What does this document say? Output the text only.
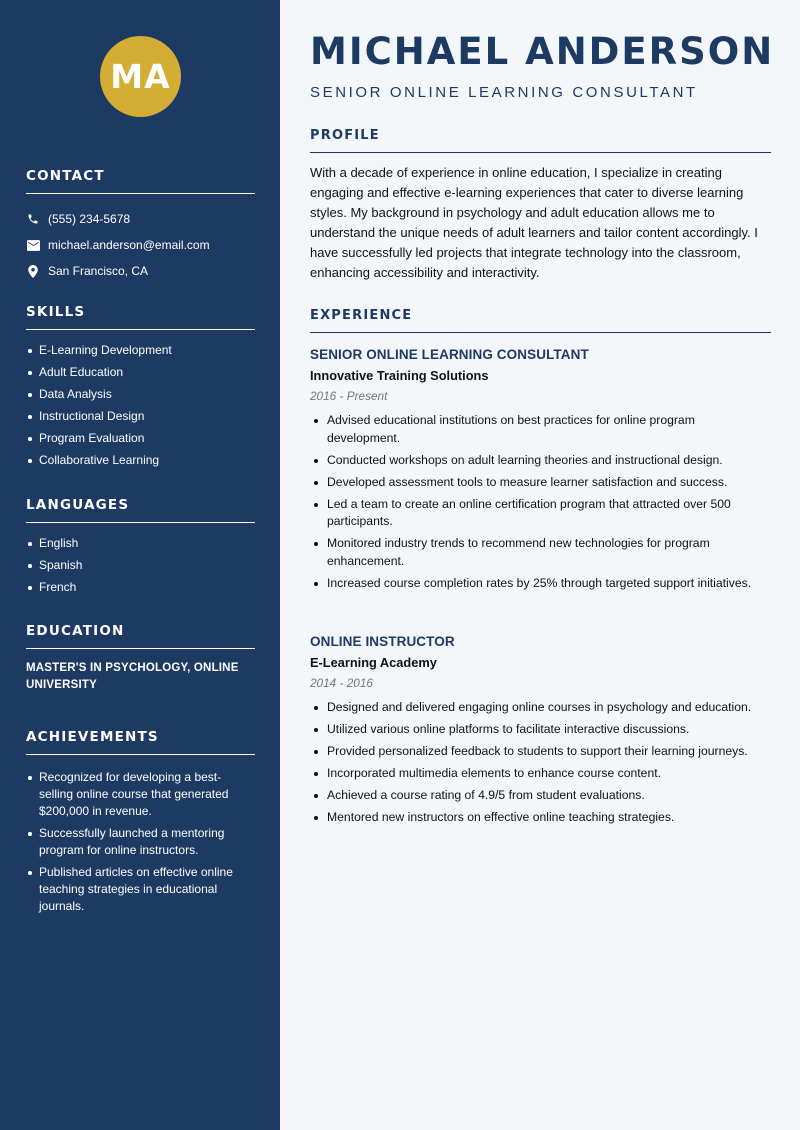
MA
CONTACT
(555) 234-5678
michael.anderson@email.com
San Francisco, CA
SKILLS
E-Learning Development
Adult Education
Data Analysis
Instructional Design
Program Evaluation
Collaborative Learning
LANGUAGES
English
Spanish
French
EDUCATION
MASTER'S IN PSYCHOLOGY, ONLINE UNIVERSITY
ACHIEVEMENTS
Recognized for developing a best-selling online course that generated $200,000 in revenue.
Successfully launched a mentoring program for online instructors.
Published articles on effective online teaching strategies in educational journals.
MICHAEL ANDERSON
SENIOR ONLINE LEARNING CONSULTANT
PROFILE

With a decade of experience in online education, I specialize in creating engaging and effective e-learning experiences that cater to diverse learning styles. My background in psychology and adult education allows me to understand the unique needs of adult learners and tailor content accordingly. I have successfully led projects that integrate technology into the classroom, enhancing accessibility and interactivity.

EXPERIENCE
SENIOR ONLINE LEARNING CONSULTANT
Innovative Training Solutions
2016 - Present
Advised educational institutions on best practices for online program development.
Conducted workshops on adult learning theories and instructional design.
Developed assessment tools to measure learner satisfaction and success.
Led a team to create an online certification program that attracted over 500 participants.
Monitored industry trends to recommend new technologies for program enhancement.
Increased course completion rates by 25% through targeted support initiatives.
ONLINE INSTRUCTOR
E-Learning Academy
2014 - 2016
Designed and delivered engaging online courses in psychology and education.
Utilized various online platforms to facilitate interactive discussions.
Provided personalized feedback to students to support their learning journeys.
Incorporated multimedia elements to enhance course content.
Achieved a course rating of 4.9/5 from student evaluations.
Mentored new instructors on effective online teaching strategies.
